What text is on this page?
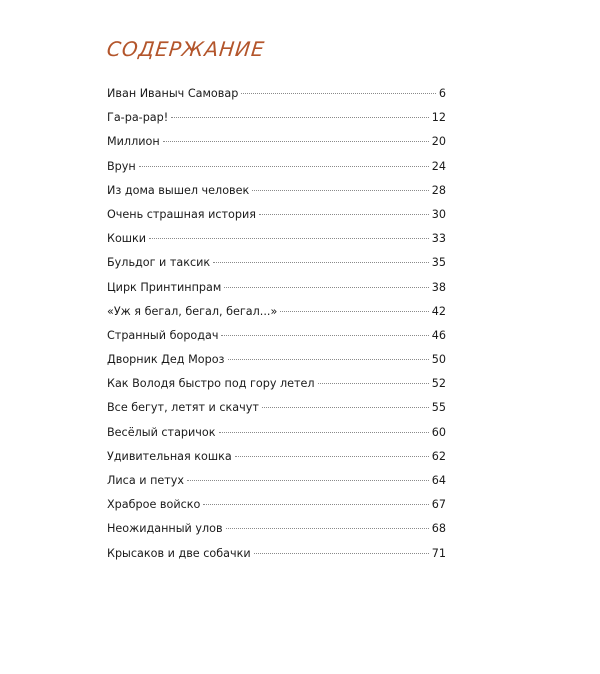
СОДЕРЖАНИЕ
Иван Иваныч Самовар	6
Га-ра-рар!	12
Миллион	20
Врун	24
Из дома вышел человек	28
Очень страшная история	30
Кошки	33
Бульдог и таксик	35
Цирк Принтинпрам	38
«Уж я бегал, бегал, бегал...»	42
Странный бородач	46
Дворник Дед Мороз	50
Как Володя быстро под гору летел	52
Все бегут, летят и скачут	55
Весёлый старичок	60
Удивительная кошка	62
Лиса и петух	64
Храброе войско	67
Неожиданный улов	68
Крысаков и две собачки	71
